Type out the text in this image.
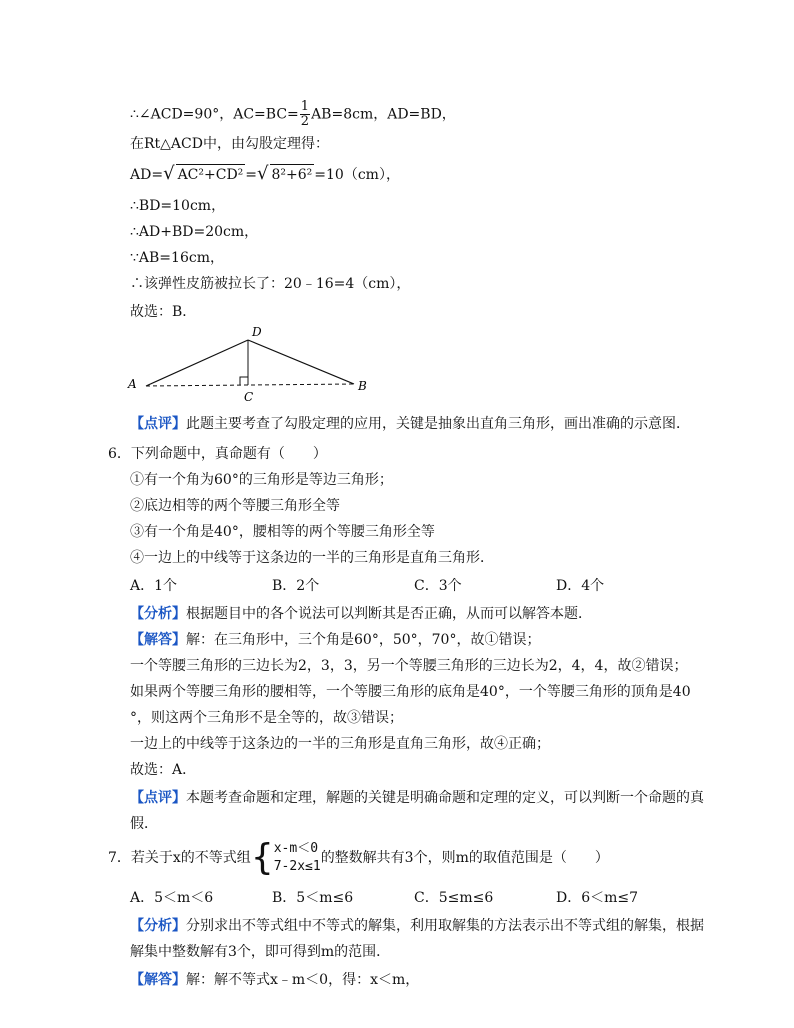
∴∠ACD=90°，$AC=BC= \frac{1}{2} AB=8cm$，AD=BD，
在Rt△ACD中，由勾股定理得：
AD=√ AC²+CD² =√ 8²+6² =10（cm），
∴BD=10cm，
∴AD+BD=20cm，
∵AB=16cm，
∴该弹性皮筋被拉长了：20﹣16=4（cm），
故选：B．
A	B
C
D
【点评】此题主要考查了勾股定理的应用，关键是抽象出直角三角形，画出准确的示意图．
6．下列命题中，真命题有（　　）
①有一个角为60°的三角形是等边三角形；
②底边相等的两个等腰三角形全等
③有一个角是40°，腰相等的两个等腰三角形全等
④一边上的中线等于这条边的一半的三角形是直角三角形．
A．1个	B．2个	C．3个	D．4个
【分析】根据题目中的各个说法可以判断其是否正确，从而可以解答本题．
【解答】解：在三角形中，三个角是60°，50°，70°，故①错误；
一个等腰三角形的三边长为2，3，3，另一个等腰三角形的三边长为2，4，4，故②错误；
如果两个等腰三角形的腰相等，一个等腰三角形的底角是40°，一个等腰三角形的顶角是40
°，则这两个三角形不是全等的，故③错误；
一边上的中线等于这条边的一半的三角形是直角三角形，故④正确；
故选：A．
【点评】本题考查命题和定理，解题的关键是明确命题和定理的定义，可以判断一个命题的真
假．
7．若关于x的不等式组{ x-m＜0
7-2x≤1
的整数解共有3个，则m的取值范围是（　　）
A．5＜m＜6	B．5＜m≤6	C．5≤m≤6	D．6＜m≤7
【分析】分别求出不等式组中不等式的解集，利用取解集的方法表示出不等式组的解集，根据
解集中整数解有3个，即可得到m的范围．
【解答】解：解不等式x﹣m＜0，得：x＜m，
